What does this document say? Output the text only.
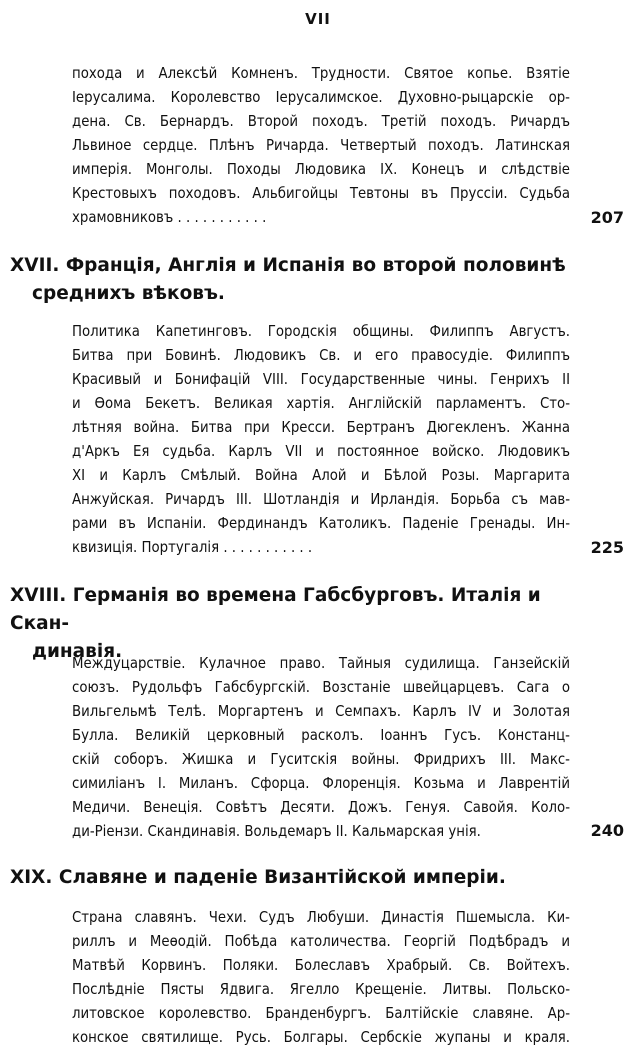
VII
похода и Алексѣй Комненъ. Трудности. Святое копье. Взятіе
Іерусалима. Королевство Іерусалимское. Духовно-рыцарскіе ор-
дена. Св. Бернардъ. Второй походъ. Третій походъ. Ричардъ
Львиное сердце. Плѣнъ Ричарда. Четвертый походъ. Латинская
имперія. Монголы. Походы Людовика IX. Конецъ и слѣдствіе
Крестовыхъ походовъ. Альбигойцы Тевтоны въ Пруссіи. Судьба
храмовниковъ . . . . . . . . . . .	207
XVII. Франція, Англія и Испанія во второй половинѣ
среднихъ вѣковъ.
Политика Капетинговъ. Городскія общины. Филиппъ Августъ.
Битва при Бовинѣ. Людовикъ Св. и его правосудіе. Филиппъ
Красивый и Бонифацій VIII. Государственные чины. Генрихъ II
и Ѳома Бекетъ. Великая хартія. Англійскій парламентъ. Сто-
лѣтняя война. Битва при Кресси. Бертранъ Дюгекленъ. Жанна
д'Аркъ Ея судьба. Карлъ VII и постоянное войско. Людовикъ
XI и Карлъ Смѣлый. Война Алой и Бѣлой Розы. Маргарита
Анжуйская. Ричардъ III. Шотландія и Ирландія. Борьба съ мав-
рами въ Испаніи. Фердинандъ Католикъ. Паденіе Гренады. Ин-
квизиція. Португалія . . . . . . . . . . .	225
XVIII. Германія во времена Габсбурговъ. Италія и Скан-
динавія.
Междуцарствіе. Кулачное право. Тайныя судилища. Ганзейскій
союзъ. Рудольфъ Габсбургскій. Возстаніе швейцарцевъ. Сага о
Вильгельмѣ Телѣ. Моргартенъ и Семпахъ. Карлъ IV и Золотая
Булла. Великій церковный расколъ. Іоаннъ Гусъ. Констанц-
скій соборъ. Жишка и Гуситскія войны. Фридрихъ III. Макс-
симиліанъ I. Миланъ. Сфорца. Флоренція. Козьма и Лаврентій
Медичи. Венеція. Совѣтъ Десяти. Дожъ. Генуя. Савойя. Коло-
ди-Ріензи. Скандинавія. Вольдемаръ II. Кальмарская унія.	240
XIX. Славяне и паденіе Византійской имперіи.
Страна славянъ. Чехи. Судъ Любуши. Династія Пшемысла. Ки-
риллъ и Меѳодій. Побѣда католичества. Георгій Подѣбрадъ и
Матвѣй Корвинъ. Поляки. Болеславъ Храбрый. Св. Войтехъ.
Послѣдніе Пясты Ядвига. Ягелло Крещеніе. Литвы. Польско-
литовское королевство. Бранденбургъ. Балтійскіе славяне. Ар-
конское святилище. Русь. Болгары. Сербскіе жупаны и краля.
